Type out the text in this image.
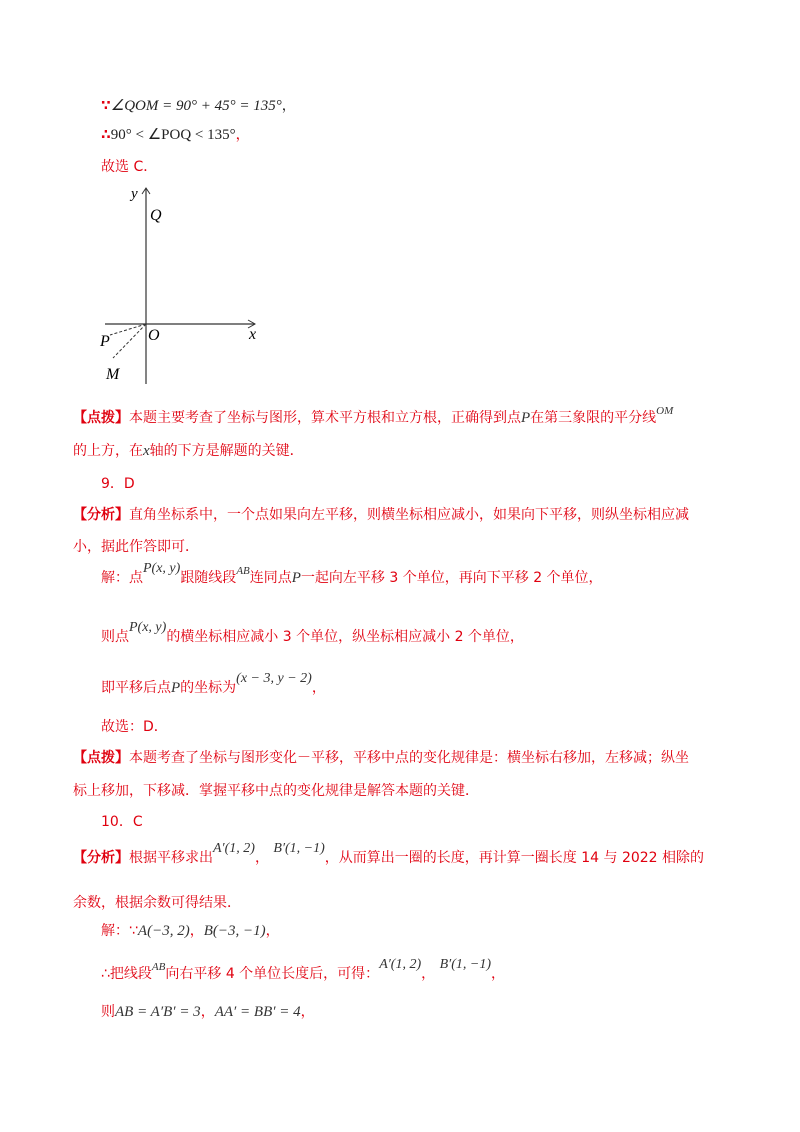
∵∠QOM = 90° + 45° = 135°，
∴90° < ∠POQ < 135°，
故选 C．
y
x
Q
O
P
M
【点拨】本题主要考查了坐标与图形，算术平方根和立方根，正确得到点P在第三象限的平分线$^{OM}$
的上方，在x轴的下方是解题的关键．
9．D
【分析】直角坐标系中，一个点如果向左平移，则横坐标相应减小，如果向下平移，则纵坐标相应减
小，据此作答即可．
解：点P(x, y)跟随线段$^{AB}$连同点P一起向左平移 3 个单位，再向下平移 2 个单位，
则点P(x, y)的横坐标相应减小 3 个单位，纵坐标相应减小 2 个单位，
即平移后点P的坐标为(x − 3, y − 2)，
故选：D．
【点拨】本题考查了坐标与图形变化－平移，平移中点的变化规律是：横坐标右移加，左移减；纵坐
标上移加，下移减．掌握平移中点的变化规律是解答本题的关键．
10．C
【分析】根据平移求出A′(1, 2)， B′(1, −1)，从而算出一圈的长度，再计算一圈长度 14 与 2022 相除的
余数，根据余数可得结果．
解：∵A(−3, 2)，B(−3, −1)，
∴把线段$^{AB}$向右平移 4 个单位长度后，可得：A′(1, 2)， B′(1, −1)，
则AB = A′B′ = 3，AA′ = BB′ = 4，
